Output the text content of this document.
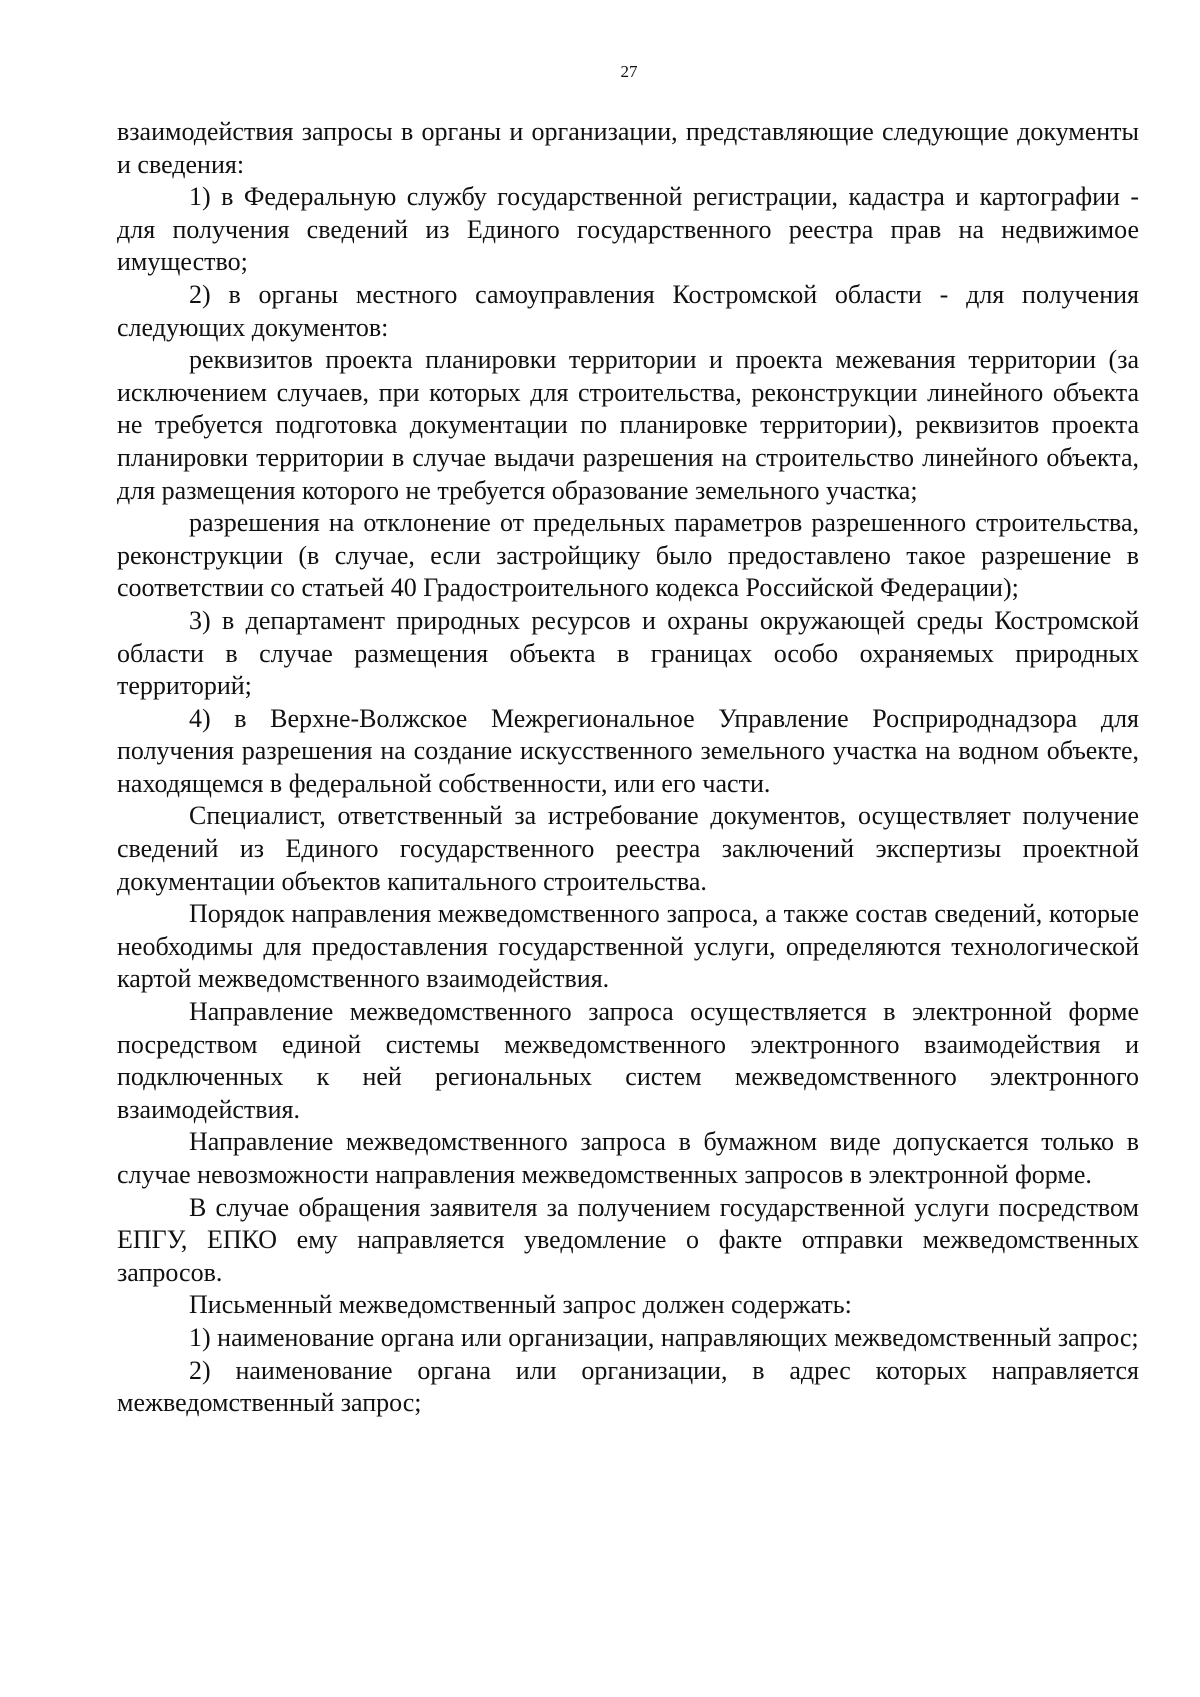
27

взаимодействия запросы в органы и организации, представляющие следующие документы и сведения:

1) в Федеральную службу государственной регистрации, кадастра и картографии - для получения сведений из Единого государственного реестра прав на недвижимое имущество;

2) в органы местного самоуправления Костромской области - для получения следующих документов:

реквизитов проекта планировки территории и проекта межевания территории (за исключением случаев, при которых для строительства, реконструкции линейного объекта не требуется подготовка документации по планировке территории), реквизитов проекта планировки территории в случае выдачи разрешения на строительство линейного объекта, для размещения которого не требуется образование земельного участка;

разрешения на отклонение от предельных параметров разрешенного строительства, реконструкции (в случае, если застройщику было предоставлено такое разрешение в соответствии со статьей 40 Градостроительного кодекса Российской Федерации);

3) в департамент природных ресурсов и охраны окружающей среды Костромской области в случае размещения объекта в границах особо охраняемых природных территорий;

4) в Верхне-Волжское Межрегиональное Управление Росприроднадзора для получения разрешения на создание искусственного земельного участка на водном объекте, находящемся в федеральной собственности, или его части.

Специалист, ответственный за истребование документов, осуществляет получение сведений из Единого государственного реестра заключений экспертизы проектной документации объектов капитального строительства.

Порядок направления межведомственного запроса, а также состав сведений, которые необходимы для предоставления государственной услуги, определяются технологической картой межведомственного взаимодействия.

Направление межведомственного запроса осуществляется в электронной форме посредством единой системы межведомственного электронного взаимодействия и подключенных к ней региональных систем межведомственного электронного взаимодействия.

Направление межведомственного запроса в бумажном виде допускается только в случае невозможности направления межведомственных запросов в электронной форме.

В случае обращения заявителя за получением государственной услуги посредством ЕПГУ, ЕПКО ему направляется уведомление о факте отправки межведомственных запросов.

Письменный межведомственный запрос должен содержать:

1) наименование органа или организации, направляющих межведомственный запрос;

2) наименование органа или организации, в адрес которых направляется межведомственный запрос;
